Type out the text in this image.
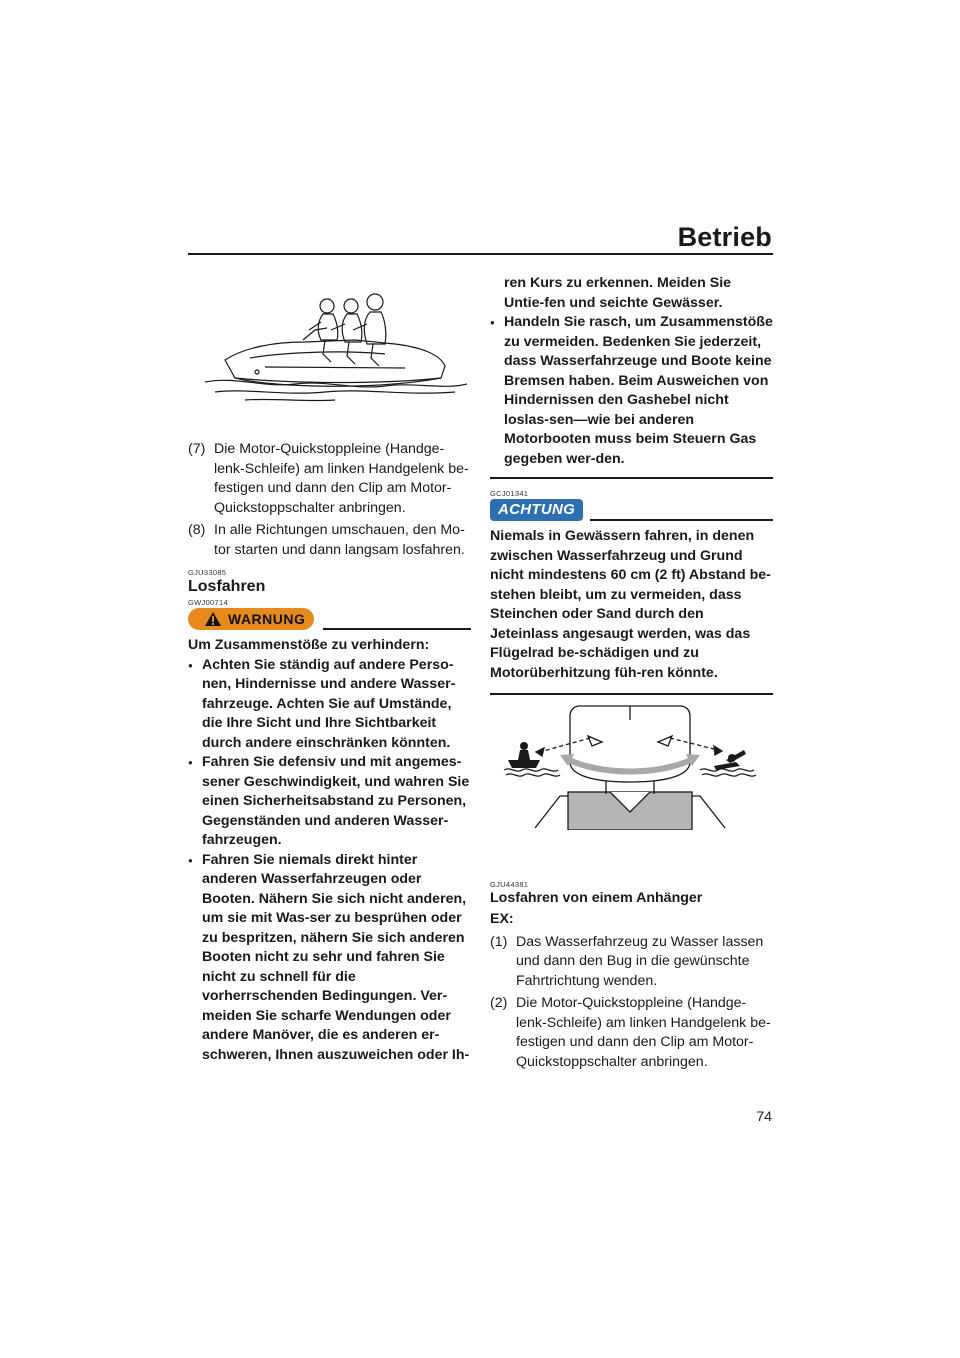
Betrieb
(7) Die Motor-Quickstoppleine (Handge-lenk-Schleife) am linken Handgelenk be-festigen und dann den Clip am Motor-Quickstoppschalter anbringen.
(8) In alle Richtungen umschauen, den Mo-tor starten und dann langsam losfahren.
GJU33085
Losfahren
GWJ00714
WARNUNG
Um Zusammenstöße zu verhindern:
● Achten Sie ständig auf andere Perso-nen, Hindernisse und andere Wasser-fahrzeuge. Achten Sie auf Umstände, die Ihre Sicht und Ihre Sichtbarkeit durch andere einschränken könnten.
● Fahren Sie defensiv und mit angemes-sener Geschwindigkeit, und wahren Sie einen Sicherheitsabstand zu Personen, Gegenständen und anderen Wasser-fahrzeugen.
● Fahren Sie niemals direkt hinter anderen Wasserfahrzeugen oder Booten. Nähern Sie sich nicht anderen, um sie mit Was-ser zu besprühen oder zu bespritzen, nähern Sie sich anderen Booten nicht zu sehr und fahren Sie nicht zu schnell für die vorherrschenden Bedingungen. Ver-meiden Sie scharfe Wendungen oder andere Manöver, die es anderen er-schweren, Ihnen auszuweichen oder Ih-
ren Kurs zu erkennen. Meiden Sie Untie-fen und seichte Gewässer.
● Handeln Sie rasch, um Zusammenstöße zu vermeiden. Bedenken Sie jederzeit, dass Wasserfahrzeuge und Boote keine Bremsen haben. Beim Ausweichen von Hindernissen den Gashebel nicht loslas-sen—wie bei anderen Motorbooten muss beim Steuern Gas gegeben wer-den.
GCJ01341
ACHTUNG
Niemals in Gewässern fahren, in denen zwischen Wasserfahrzeug und Grund nicht mindestens 60 cm (2 ft) Abstand be-stehen bleibt, um zu vermeiden, dass Steinchen oder Sand durch den Jeteinlass angesaugt werden, was das Flügelrad be-schädigen und zu Motorüberhitzung füh-ren könnte.
GJU44381
Losfahren von einem Anhänger
EX:
(1) Das Wasserfahrzeug zu Wasser lassen und dann den Bug in die gewünschte Fahrtrichtung wenden.
(2) Die Motor-Quickstoppleine (Handge-lenk-Schleife) am linken Handgelenk be-festigen und dann den Clip am Motor-Quickstoppschalter anbringen.
74
